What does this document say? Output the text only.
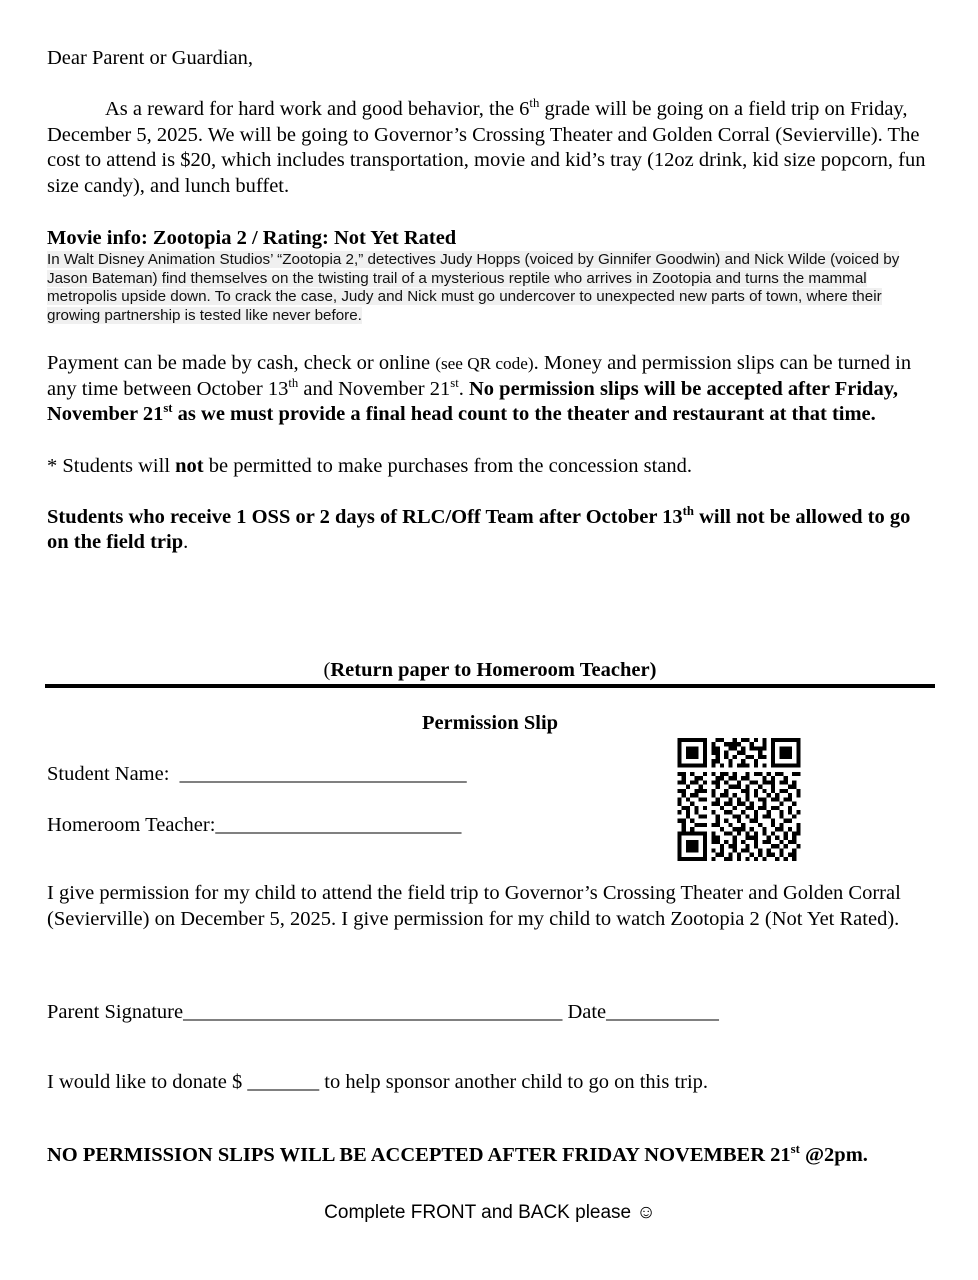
Dear Parent or Guardian,

As a reward for hard work and good behavior, the 6th grade will be going on a field trip on Friday, December 5, 2025. We will be going to Governor’s Crossing Theater and Golden Corral (Sevierville). The cost to attend is $20, which includes transportation, movie and kid’s tray (12oz drink, kid size popcorn, fun size candy), and lunch buffet.

Movie info: Zootopia 2 / Rating: Not Yet Rated

In Walt Disney Animation Studios’ “Zootopia 2,” detectives Judy Hopps (voiced by Ginnifer Goodwin) and Nick Wilde (voiced by Jason Bateman) find themselves on the twisting trail of a mysterious reptile who arrives in Zootopia and turns the mammal metropolis upside down. To crack the case, Judy and Nick must go undercover to unexpected new parts of town, where their growing partnership is tested like never before.

Payment can be made by cash, check or online (see QR code). Money and permission slips can be turned in any time between October 13th and November 21st. No permission slips will be accepted after Friday, November 21st as we must provide a final head count to the theater and restaurant at that time.

* Students will not be permitted to make purchases from the concession stand.

Students who receive 1 OSS or 2 days of RLC/Off Team after October 13th will not be allowed to go on the field trip.

(Return paper to Homeroom Teacher)
Permission Slip
Student Name:  ____________________________
Homeroom Teacher:________________________

I give permission for my child to attend the field trip to Governor’s Crossing Theater and Golden Corral (Sevierville) on December 5, 2025. I give permission for my child to watch Zootopia 2 (Not Yet Rated).

Parent Signature_____________________________________ Date___________
I would like to donate $ _______ to help sponsor another child to go on this trip.
NO PERMISSION SLIPS WILL BE ACCEPTED AFTER FRIDAY NOVEMBER 21st @2pm.
Complete FRONT and BACK please ☺
